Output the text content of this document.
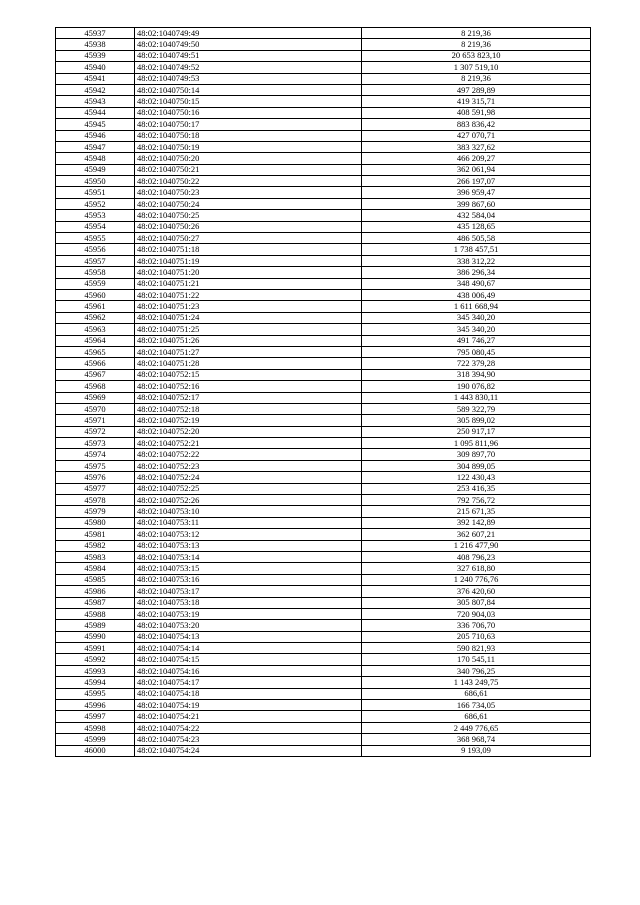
45937	48:02:1040749:49	8 219,36
45938	48:02:1040749:50	8 219,36
45939	48:02:1040749:51	20 653 823,10
45940	48:02:1040749:52	1 307 519,10
45941	48:02:1040749:53	8 219,36
45942	48:02:1040750:14	497 289,89
45943	48:02:1040750:15	419 315,71
45944	48:02:1040750:16	408 591,98
45945	48:02:1040750:17	883 836,42
45946	48:02:1040750:18	427 070,71
45947	48:02:1040750:19	383 327,62
45948	48:02:1040750:20	466 209,27
45949	48:02:1040750:21	362 061,94
45950	48:02:1040750:22	266 197,07
45951	48:02:1040750:23	396 959,47
45952	48:02:1040750:24	399 867,60
45953	48:02:1040750:25	432 584,04
45954	48:02:1040750:26	435 128,65
45955	48:02:1040750:27	486 505,58
45956	48:02:1040751:18	1 738 457,51
45957	48:02:1040751:19	338 312,22
45958	48:02:1040751:20	386 296,34
45959	48:02:1040751:21	348 490,67
45960	48:02:1040751:22	438 006,49
45961	48:02:1040751:23	1 611 668,94
45962	48:02:1040751:24	345 340,20
45963	48:02:1040751:25	345 340,20
45964	48:02:1040751:26	491 746,27
45965	48:02:1040751:27	795 080,45
45966	48:02:1040751:28	722 379,28
45967	48:02:1040752:15	318 394,90
45968	48:02:1040752:16	190 076,82
45969	48:02:1040752:17	1 443 830,11
45970	48:02:1040752:18	589 322,79
45971	48:02:1040752:19	305 899,02
45972	48:02:1040752:20	250 917,17
45973	48:02:1040752:21	1 095 811,96
45974	48:02:1040752:22	309 897,70
45975	48:02:1040752:23	304 899,05
45976	48:02:1040752:24	122 430,43
45977	48:02:1040752:25	253 416,35
45978	48:02:1040752:26	792 756,72
45979	48:02:1040753:10	215 671,35
45980	48:02:1040753:11	392 142,89
45981	48:02:1040753:12	362 607,21
45982	48:02:1040753:13	1 216 477,90
45983	48:02:1040753:14	408 796,23
45984	48:02:1040753:15	327 618,80
45985	48:02:1040753:16	1 240 776,76
45986	48:02:1040753:17	376 420,60
45987	48:02:1040753:18	305 807,84
45988	48:02:1040753:19	720 904,03
45989	48:02:1040753:20	336 706,70
45990	48:02:1040754:13	205 710,63
45991	48:02:1040754:14	590 821,93
45992	48:02:1040754:15	170 545,11
45993	48:02:1040754:16	340 796,25
45994	48:02:1040754:17	1 143 249,75
45995	48:02:1040754:18	686,61
45996	48:02:1040754:19	166 734,05
45997	48:02:1040754:21	686,61
45998	48:02:1040754:22	2 449 776,65
45999	48:02:1040754:23	368 968,74
46000	48:02:1040754:24	9 193,09
